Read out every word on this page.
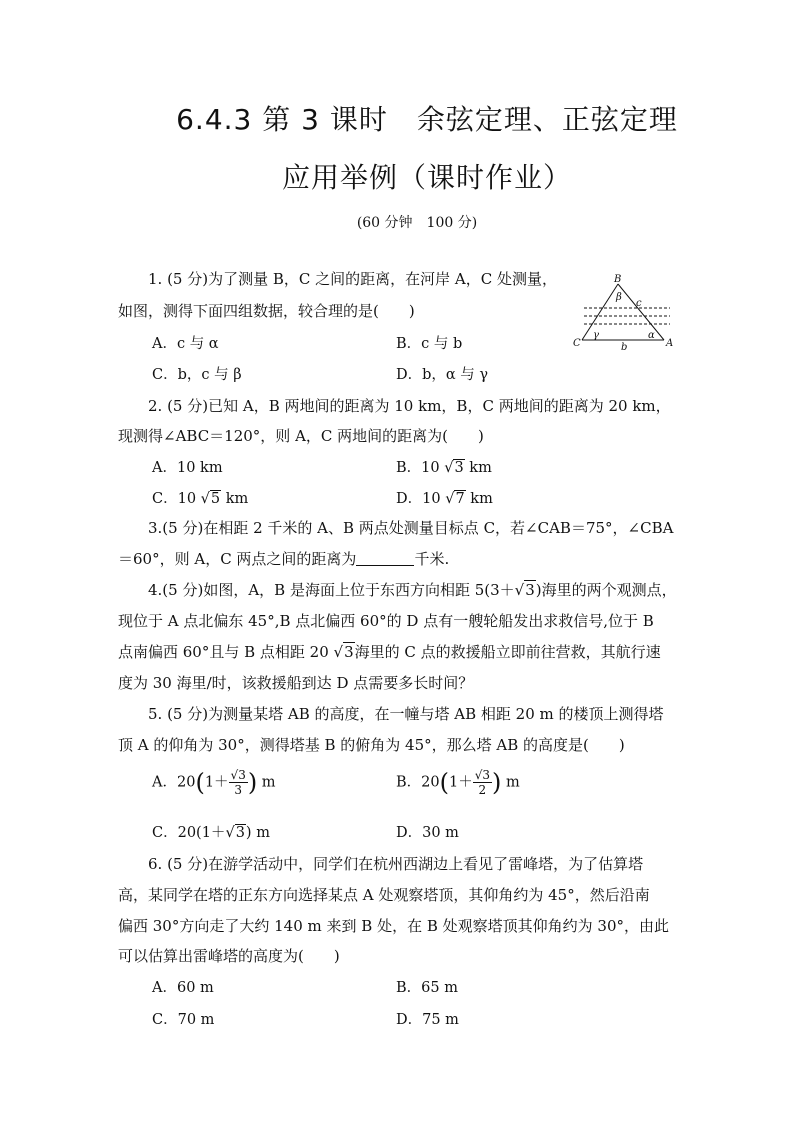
6.4.3 第 3 课时　余弦定理、正弦定理
应用举例（课时作业）
(60 分钟　100 分)
1. (5 分)为了测量 B，C 之间的距离，在河岸 A，C 处测量，
如图，测得下面四组数据，较合理的是(　　)
A．c 与 α	B．c 与 b
C．b，c 与 β	D．b，α 与 γ
B
C	A
c
b
β
γ	α
2. (5 分)已知 A，B 两地间的距离为 10 km，B，C 两地间的距离为 20 km，
现测得∠ABC＝120°，则 A，C 两地间的距离为(　　)
A．10 km	B．10 √3 km
C．10 √5 km	D．10 √7 km
3.(5 分)在相距 2 千米的 A、B 两点处测量目标点 C，若∠CAB＝75°，∠CBA
＝60°，则 A，C 两点之间的距离为	千米.
4.(5 分)如图，A，B 是海面上位于东西方向相距 5(3＋√3)海里的两个观测点，
现位于 A 点北偏东 45°,B 点北偏西 60°的 D 点有一艘轮船发出求救信号,位于 B
点南偏西 60°且与 B 点相距 20 √3海里的 C 点的救援船立即前往营救，其航行速
度为 30 海里/时，该救援船到达 D 点需要多长时间？
5. (5 分)为测量某塔 AB 的高度，在一幢与塔 AB 相距 20 m 的楼顶上测得塔
顶 A 的仰角为 30°，测得塔基 B 的俯角为 45°，那么塔 AB 的高度是(　　)
A．$20(1+ \frac{√3}{3}$ ) m	B．$20(1+ \frac{√3}{2}$ ) m
C．20(1＋√3) m	D．30 m
6. (5 分)在游学活动中，同学们在杭州西湖边上看见了雷峰塔，为了估算塔
高，某同学在塔的正东方向选择某点 A 处观察塔顶，其仰角约为 45°，然后沿南
偏西 30°方向走了大约 140 m 来到 B 处，在 B 处观察塔顶其仰角约为 30°，由此
可以估算出雷峰塔的高度为(　　)
A．60 m	B．65 m
C．70 m	D．75 m
